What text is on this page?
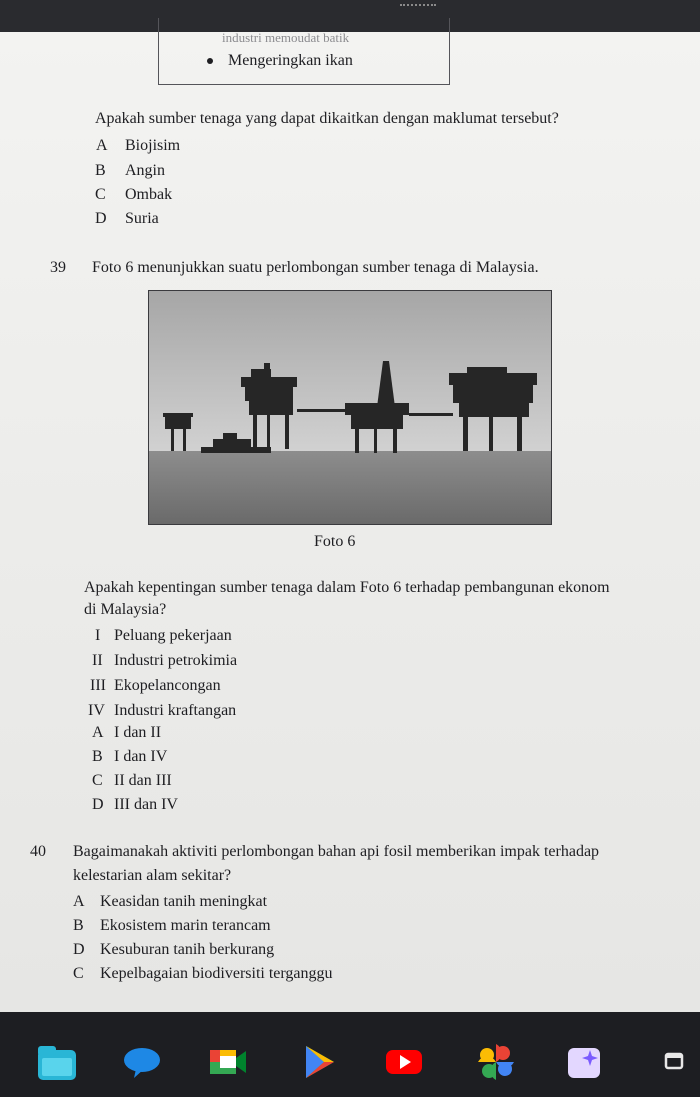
industri memoudat batik
Mengeringkan ikan
Apakah sumber tenaga yang dapat dikaitkan dengan maklumat tersebut?
A Biojisim
B Angin
C Ombak
D Suria
39 Foto 6 menunjukkan suatu perlombongan sumber tenaga di Malaysia.
Foto 6
Apakah kepentingan sumber tenaga dalam Foto 6 terhadap pembangunan ekonom
di Malaysia?
I Peluang pekerjaan
II Industri petrokimia
III Ekopelancongan
IV Industri kraftangan
A I dan II
B I dan IV
C II dan III
D III dan IV
40 Bagaimanakah aktiviti perlombongan bahan api fosil memberikan impak terhadap
kelestarian alam sekitar?
A Keasidan tanih meningkat
B Ekosistem marin terancam
D Kesuburan tanih berkurang
C Kepelbagaian biodiversiti terganggu
